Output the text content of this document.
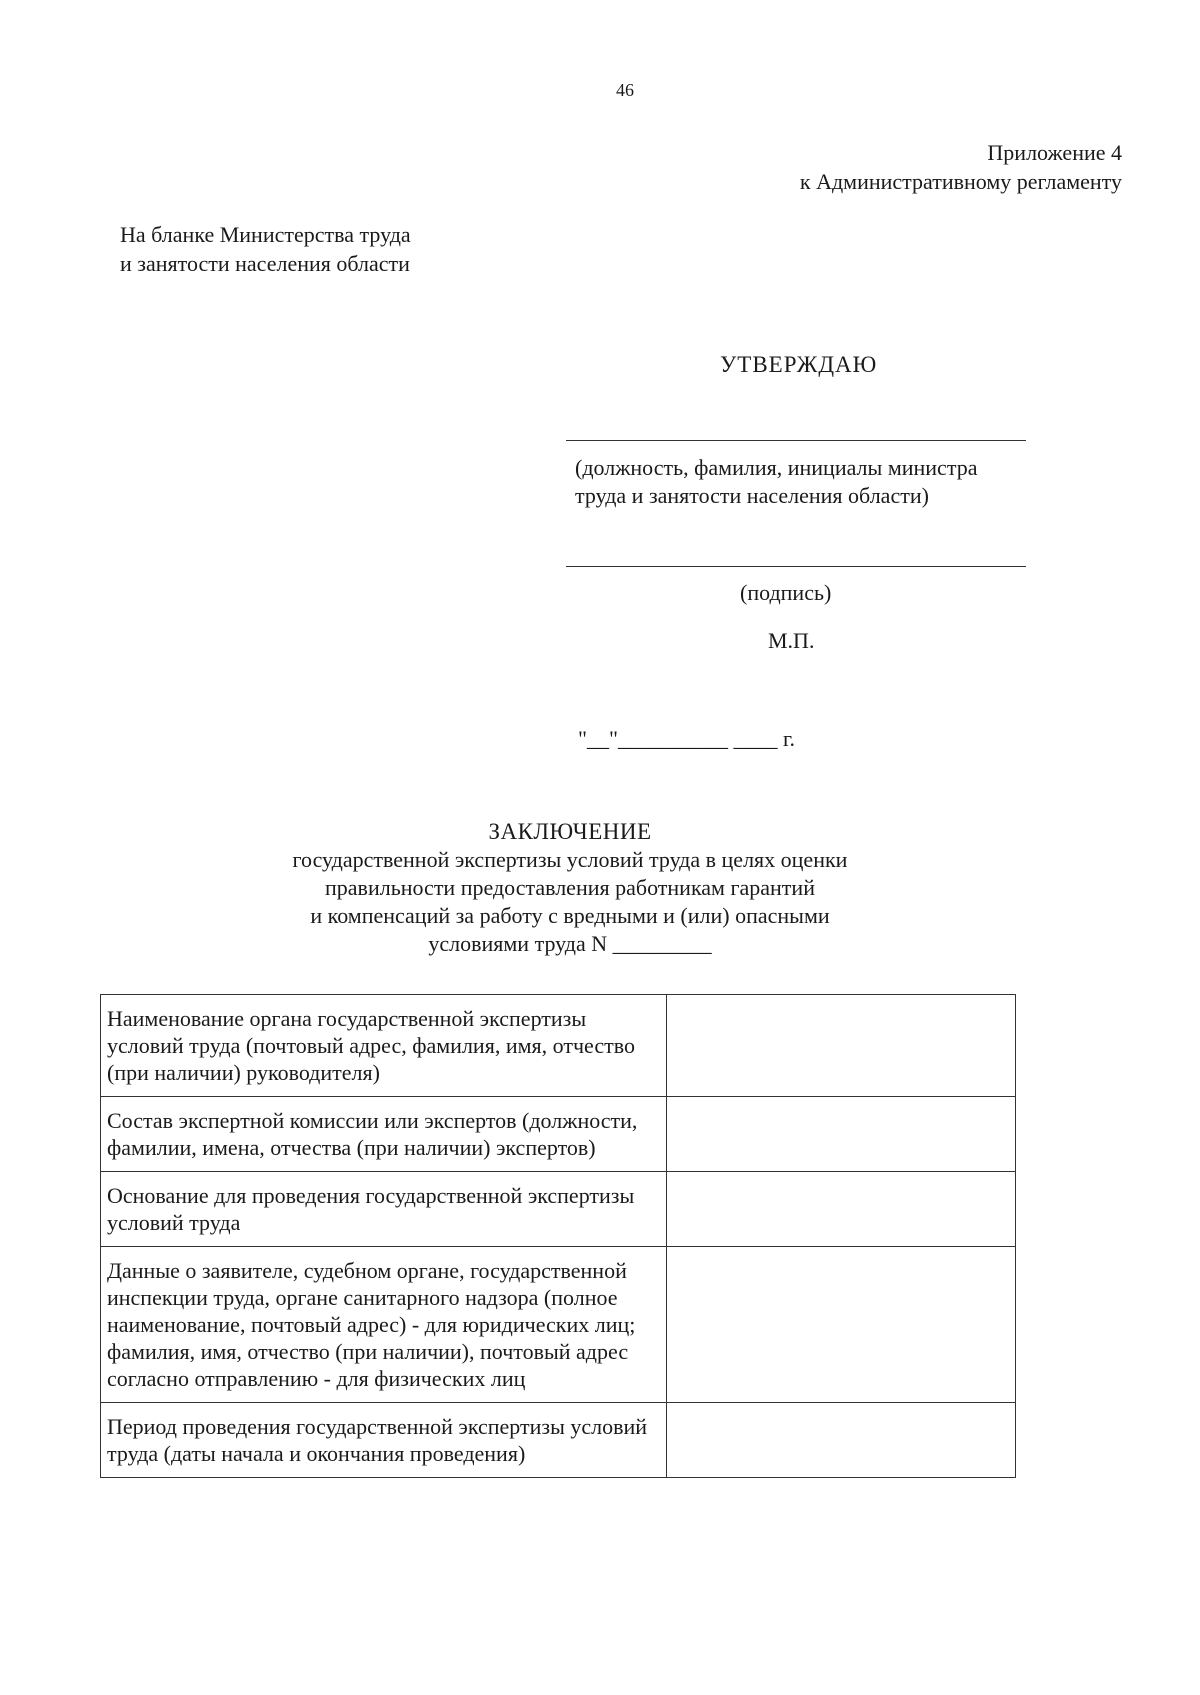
46
Приложение 4
к Административному регламенту
На бланке Министерства труда
и занятости населения области
УТВЕРЖДАЮ
(должность, фамилия, инициалы министра
труда и занятости населения области)
(подпись)
М.П.
"__"__________ ____ г.
ЗАКЛЮЧЕНИЕ
государственной экспертизы условий труда в целях оценки
правильности предоставления работникам гарантий
и компенсаций за работу с вредными и (или) опасными
условиями труда N _________
Наименование органа государственной экспертизы условий труда (почтовый адрес, фамилия, имя, отчество (при наличии) руководителя)	
Состав экспертной комиссии или экспертов (должности, фамилии, имена, отчества (при наличии) экспертов)	
Основание для проведения государственной экспертизы условий труда	
Данные о заявителе, судебном органе, государственной инспекции труда, органе санитарного надзора (полное наименование, почтовый адрес) - для юридических лиц; фамилия, имя, отчество (при наличии), почтовый адрес согласно отправлению - для физических лиц	
Период проведения государственной экспертизы условий труда (даты начала и окончания проведения)	
